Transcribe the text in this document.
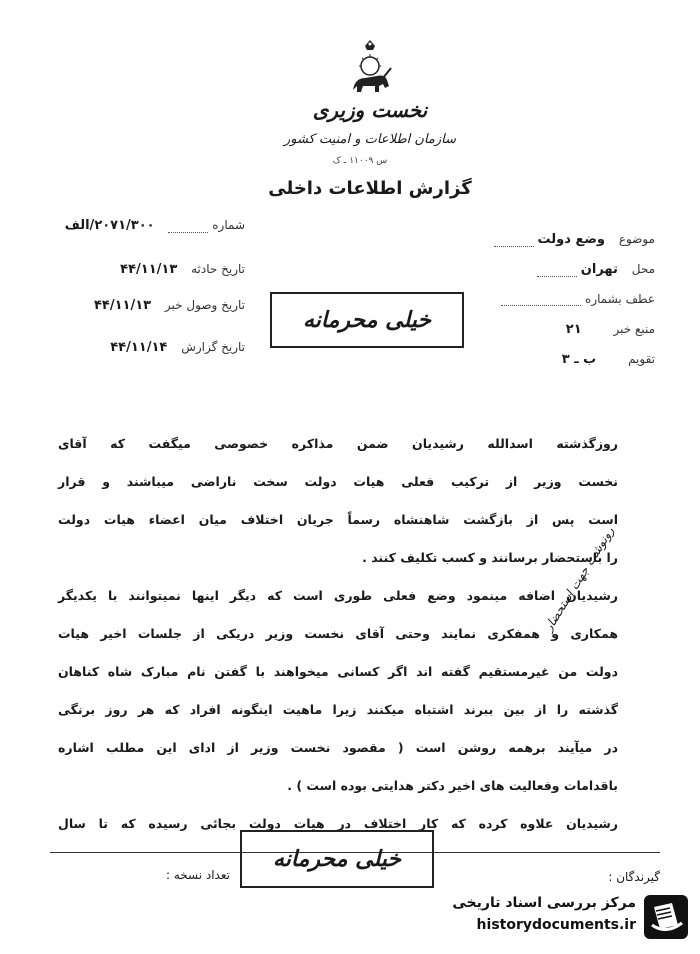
نخست وزیری
سازمان اطلاعات و امنیت کشور
س ۱۱۰۰۹ ـ ک
گزارش اطلاعات داخلی
شماره  ۲۰۷۱/۳۰۰/الف
تاریخ حادثه ۴۴/۱۱/۱۳
تاریخ وصول خبر ۴۴/۱۱/۱۳
تاریخ گزارش ۴۴/۱۱/۱۴
موضوع وضع دولت
محل تهران
عطف بشماره
منبع خبر ۲۱
تقویم ب ـ ۳
خیلی محرمانه

روزگذشته اسدالله رشیدیان ضمن مذاکره خصوصی میگفت که آقای

نخست وزیر از ترکیب فعلی هیات دولت سخت ناراضی میباشند و قرار

است پس از بازگشت شاهنشاه رسماً جریان اختلاف میان اعضاء هیات دولت

را باستحضار برسانند و کسب تکلیف کنند .

رشیدیان اضافه مینمود وضع فعلی طوری است که دیگر اینها نمیتوانند با یکدیگر

همکاری و همفکری نمایند وحتی آقای نخست وزیر دریکی از جلسات اخیر هیات

دولت من غیرمستقیم گفته اند اگر کسانی میخواهند با گفتن نام مبارک شاه کناهان

گذشته را از بین ببرند اشتباه میکنند زیرا ماهیت اینگونه افراد که هر روز برنگی

در میآیند برهمه روشن است ( مقصود نخست وزیر از ادای این مطلب اشاره

باقدامات وفعالیت های اخیر دکتر هدایتی بوده است ) .

رشیدیان علاوه کرده که کار اختلاف در هیات دولت بجائی رسیده که تا سال

رونوشت جهت استحضار
خیلی محرمانه
تعداد نسخه :	گیرندگان :
مرکز بررسی اسناد تاریخی
historydocuments.ir
